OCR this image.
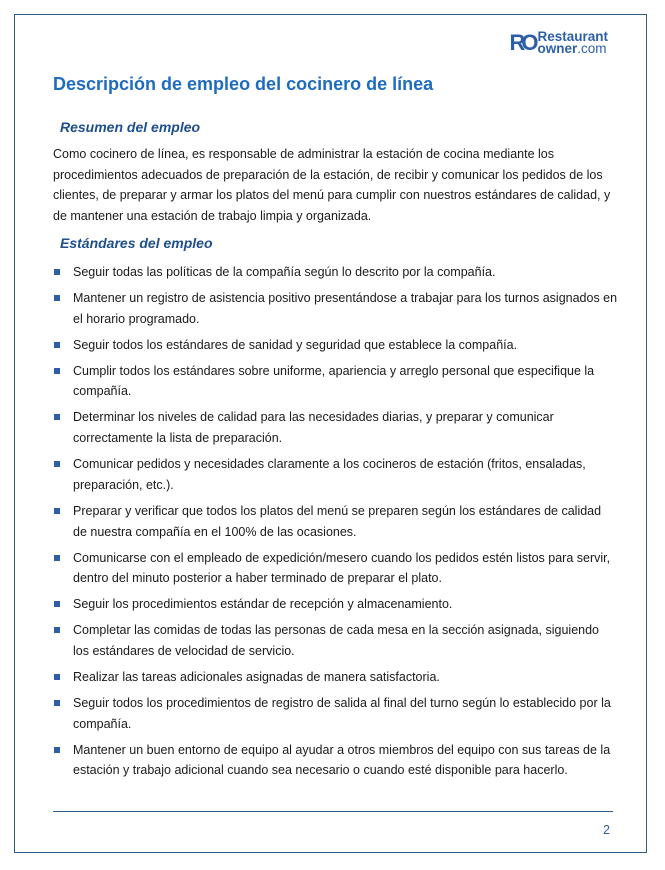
RO Restaurant
owner.com
Descripción de empleo del cocinero de línea
Resumen del empleo

Como cocinero de línea, es responsable de administrar la estación de cocina mediante los procedimientos adecuados de preparación de la estación, de recibir y comunicar los pedidos de los clientes, de preparar y armar los platos del menú para cumplir con nuestros estándares de calidad, y de mantener una estación de trabajo limpia y organizada.

Estándares del empleo
Seguir todas las políticas de la compañía según lo descrito por la compañía.
Mantener un registro de asistencia positivo presentándose a trabajar para los turnos asignados en el horario programado.
Seguir todos los estándares de sanidad y seguridad que establece la compañía.
Cumplir todos los estándares sobre uniforme, apariencia y arreglo personal que especifique la compañía.
Determinar los niveles de calidad para las necesidades diarias, y preparar y comunicar correctamente la lista de preparación.
Comunicar pedidos y necesidades claramente a los cocineros de estación (fritos, ensaladas, preparación, etc.).
Preparar y verificar que todos los platos del menú se preparen según los estándares de calidad de nuestra compañía en el 100% de las ocasiones.
Comunicarse con el empleado de expedición/mesero cuando los pedidos estén listos para servir, dentro del minuto posterior a haber terminado de preparar el plato.
Seguir los procedimientos estándar de recepción y almacenamiento.
Completar las comidas de todas las personas de cada mesa en la sección asignada, siguiendo los estándares de velocidad de servicio.
Realizar las tareas adicionales asignadas de manera satisfactoria.
Seguir todos los procedimientos de registro de salida al final del turno según lo establecido por la compañía.
Mantener un buen entorno de equipo al ayudar a otros miembros del equipo con sus tareas de la estación y trabajo adicional cuando sea necesario o cuando esté disponible para hacerlo.
2
